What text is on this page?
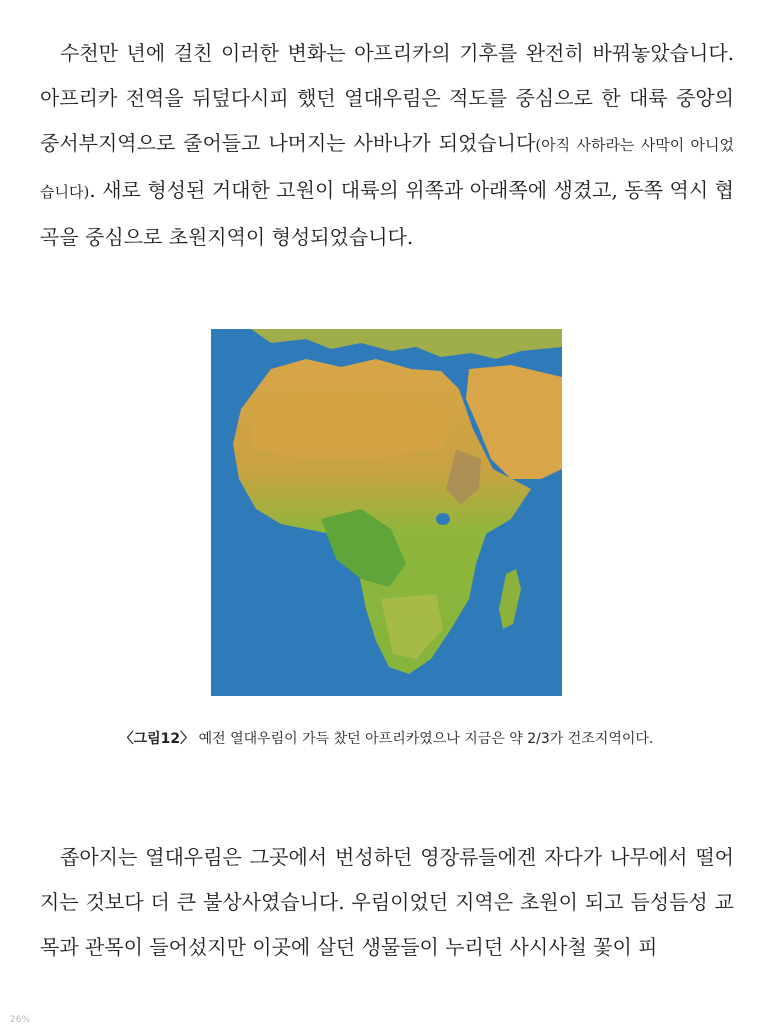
수천만 년에 걸친 이러한 변화는 아프리카의 기후를 완전히 바꿔놓았습니다. 아프리카 전역을 뒤덮다시피 했던 열대우림은 적도를 중심으로 한 대륙 중앙의 중서부지역으로 줄어들고 나머지는 사바나가 되었습니다(아직 사하라는 사막이 아니었습니다). 새로 형성된 거대한 고원이 대륙의 위쪽과 아래쪽에 생겼고, 동쪽 역시 협곡을 중심으로 초원지역이 형성되었습니다.

〈그림12〉 예전 열대우림이 가득 찼던 아프리카였으나 지금은 약 2/3가 건조지역이다.

좁아지는 열대우림은 그곳에서 번성하던 영장류들에겐 자다가 나무에서 떨어지는 것보다 더 큰 불상사였습니다. 우림이었던 지역은 초원이 되고 듬성듬성 교목과 관목이 들어섰지만 이곳에 살던 생물들이 누리던 사시사철 꽃이 피

26%
